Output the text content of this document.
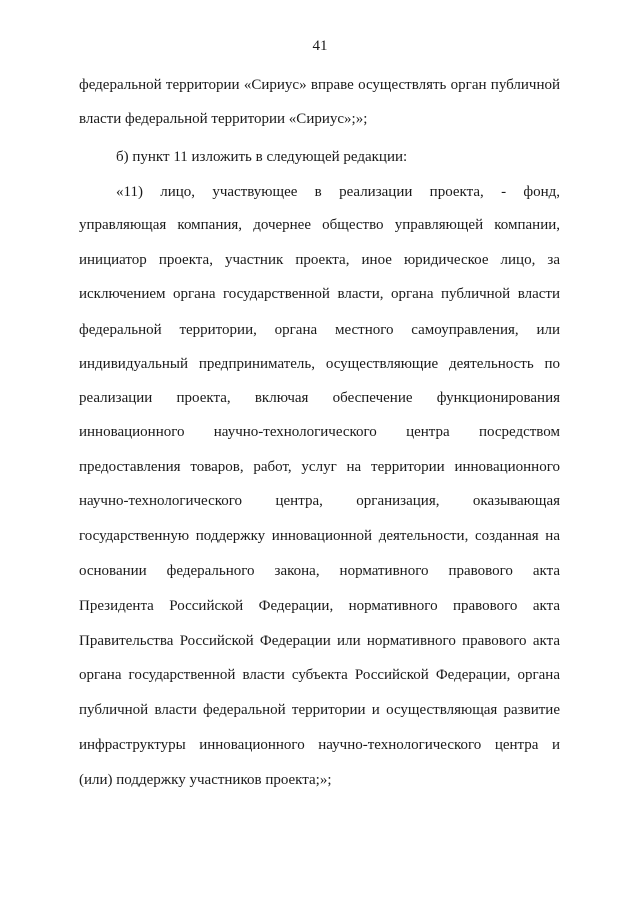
41
федеральной территории «Сириус» вправе осуществлять орган публичной
власти федеральной территории «Сириус»;»;
б) пункт 11 изложить в следующей редакции:
«11) лицо, участвующее в реализации проекта, - фонд,
управляющая компания, дочернее общество управляющей компании,
инициатор проекта, участник проекта, иное юридическое лицо, за
исключением органа государственной власти, органа публичной власти
федеральной территории, органа местного самоуправления, или
индивидуальный предприниматель, осуществляющие деятельность по
реализации проекта, включая обеспечение функционирования
инновационного научно-технологического центра посредством
предоставления товаров, работ, услуг на территории инновационного
научно-технологического центра, организация, оказывающая
государственную поддержку инновационной деятельности, созданная на
основании федерального закона, нормативного правового акта
Президента Российской Федерации, нормативного правового акта
Правительства Российской Федерации или нормативного правового акта
органа государственной власти субъекта Российской Федерации, органа
публичной власти федеральной территории и осуществляющая развитие
инфраструктуры инновационного научно-технологического центра и
(или) поддержку участников проекта;»;
